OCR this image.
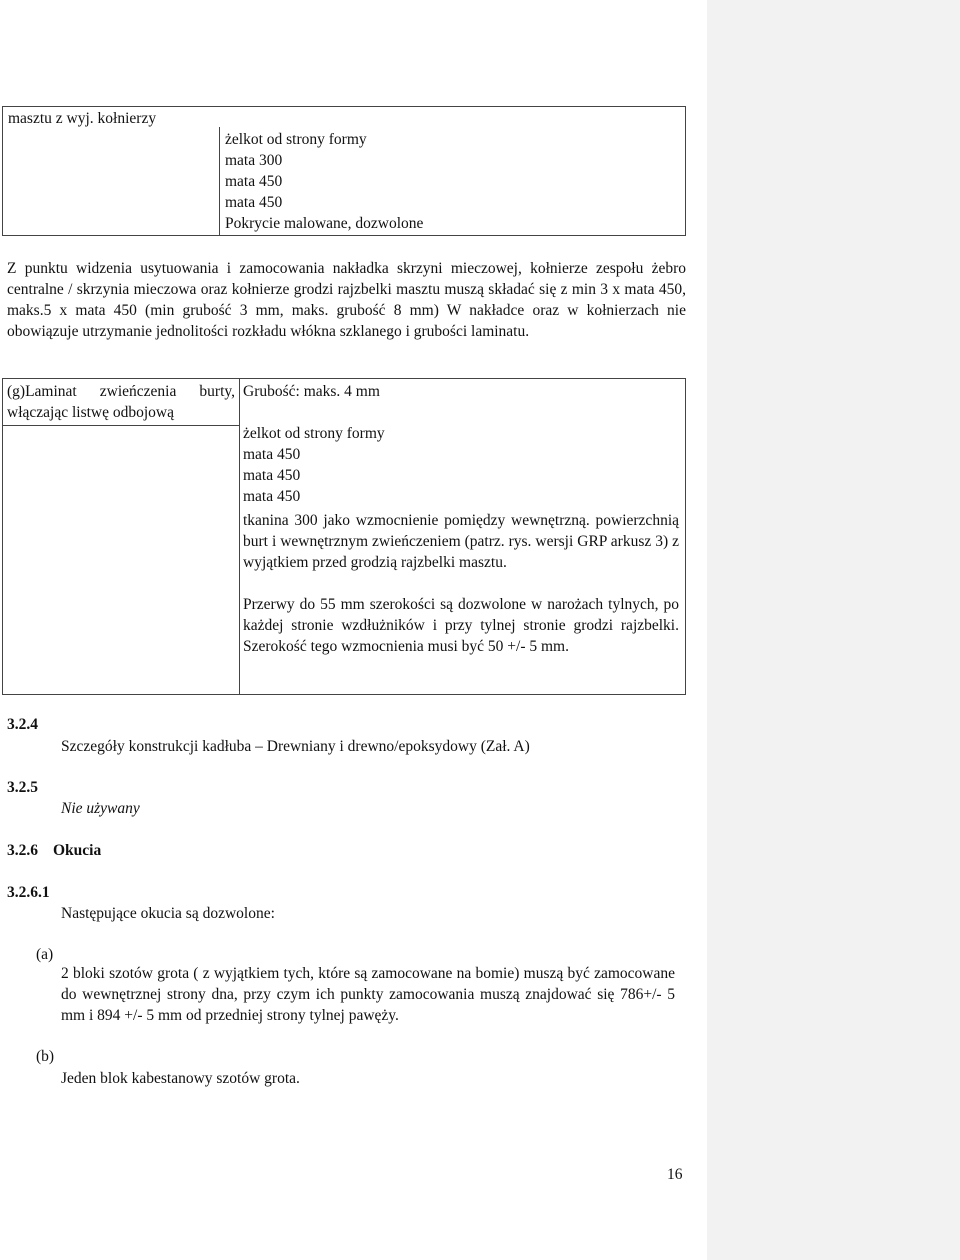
masztu z wyj. kołnierzy
żelkot od strony formy
mata 300
mata 450
mata 450
Pokrycie malowane, dozwolone
Z punktu widzenia usytuowania i zamocowania nakładka skrzyni mieczowej, kołnierze zespołu żebro centralne / skrzynia mieczowa oraz kołnierze grodzi rajzbelki masztu muszą składać się z min 3 x mata 450, maks.5 x mata 450 (min grubość 3 mm, maks. grubość 8 mm) W nakładce oraz w kołnierzach nie obowiązuje utrzymanie jednolitości rozkładu włókna szklanego i grubości laminatu.
(g)Laminat zwieńczenia burty, włączając listwę odbojową
Grubość: maks. 4 mm
żelkot od strony formy
mata 450
mata 450
mata 450
tkanina 300 jako wzmocnienie pomiędzy wewnętrzną. powierzchnią burt i wewnętrznym zwieńczeniem (patrz. rys. wersji GRP arkusz 3) z wyjątkiem przed grodzią rajzbelki masztu.
Przerwy do 55 mm szerokości są dozwolone w narożach tylnych, po każdej stronie wzdłużników i przy tylnej stronie grodzi rajzbelki. Szerokość tego wzmocnienia musi być 50 +/- 5 mm.
3.2.4
Szczegóły konstrukcji kadłuba – Drewniany i drewno/epoksydowy (Zał. A)
3.2.5
Nie używany
3.2.6 Okucia
3.2.6.1
Następujące okucia są dozwolone:
(a)
2 bloki szotów grota ( z wyjątkiem tych, które są zamocowane na bomie) muszą być zamocowane do wewnętrznej strony dna, przy czym ich punkty zamocowania muszą znajdować się 786+/- 5 mm i 894 +/- 5 mm od przedniej strony tylnej pawęży.
(b)
Jeden blok kabestanowy szotów grota.
16
